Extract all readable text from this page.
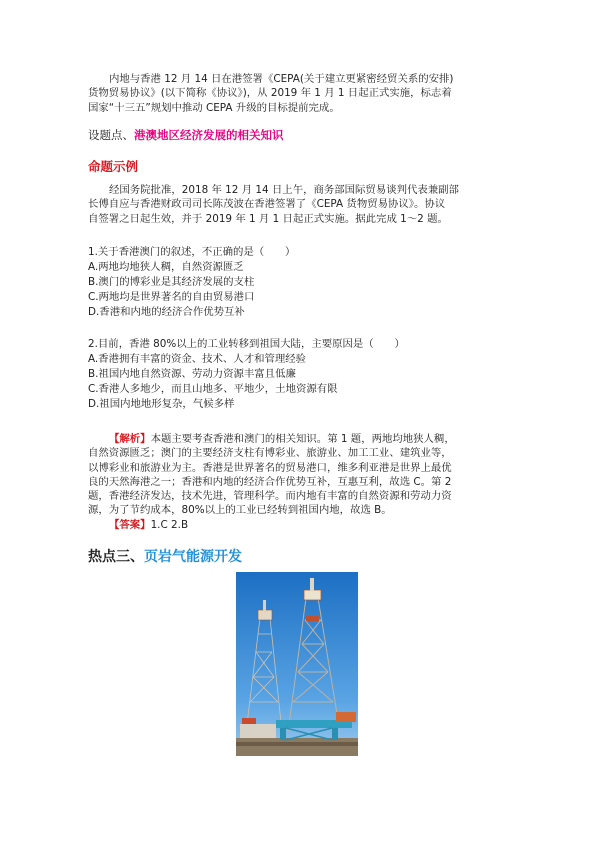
内地与香港 12 月 14 日在港签署《CEPA(关于建立更紧密经贸关系的安排)
货物贸易协议》(以下简称《协议》)，从 2019 年 1 月 1 日起正式实施，标志着
国家“十三五”规划中推动 CEPA 升级的目标提前完成。
设题点、港澳地区经济发展的相关知识
命题示例
经国务院批准，2018 年 12 月 14 日上午，商务部国际贸易谈判代表兼副部
长傅自应与香港财政司司长陈茂波在香港签署了《CEPA 货物贸易协议》。协议
自签署之日起生效，并于 2019 年 1 月 1 日起正式实施。据此完成 1～2 题。
1.关于香港澳门的叙述，不正确的是（　　）
A.两地均地狭人稠，自然资源匮乏
B.澳门的博彩业是其经济发展的支柱
C.两地均是世界著名的自由贸易港口
D.香港和内地的经济合作优势互补
2.目前，香港 80%以上的工业转移到祖国大陆，主要原因是（　　）
A.香港拥有丰富的资金、技术、人才和管理经验
B.祖国内地自然资源、劳动力资源丰富且低廉
C.香港人多地少，而且山地多、平地少，土地资源有限
D.祖国内地地形复杂，气候多样
【解析】本题主要考查香港和澳门的相关知识。第 1 题，两地均地狭人稠，
自然资源匮乏；澳门的主要经济支柱有博彩业、旅游业、加工工业、建筑业等，
以博彩业和旅游业为主。香港是世界著名的贸易港口，维多利亚港是世界上最优
良的天然海港之一；香港和内地的经济合作优势互补，互惠互利，故选 C。第 2
题，香港经济发达，技术先进，管理科学。而内地有丰富的自然资源和劳动力资
源，为了节约成本，80%以上的工业已经转到祖国内地，故选 B。
【答案】1.C 2.B
热点三、页岩气能源开发
